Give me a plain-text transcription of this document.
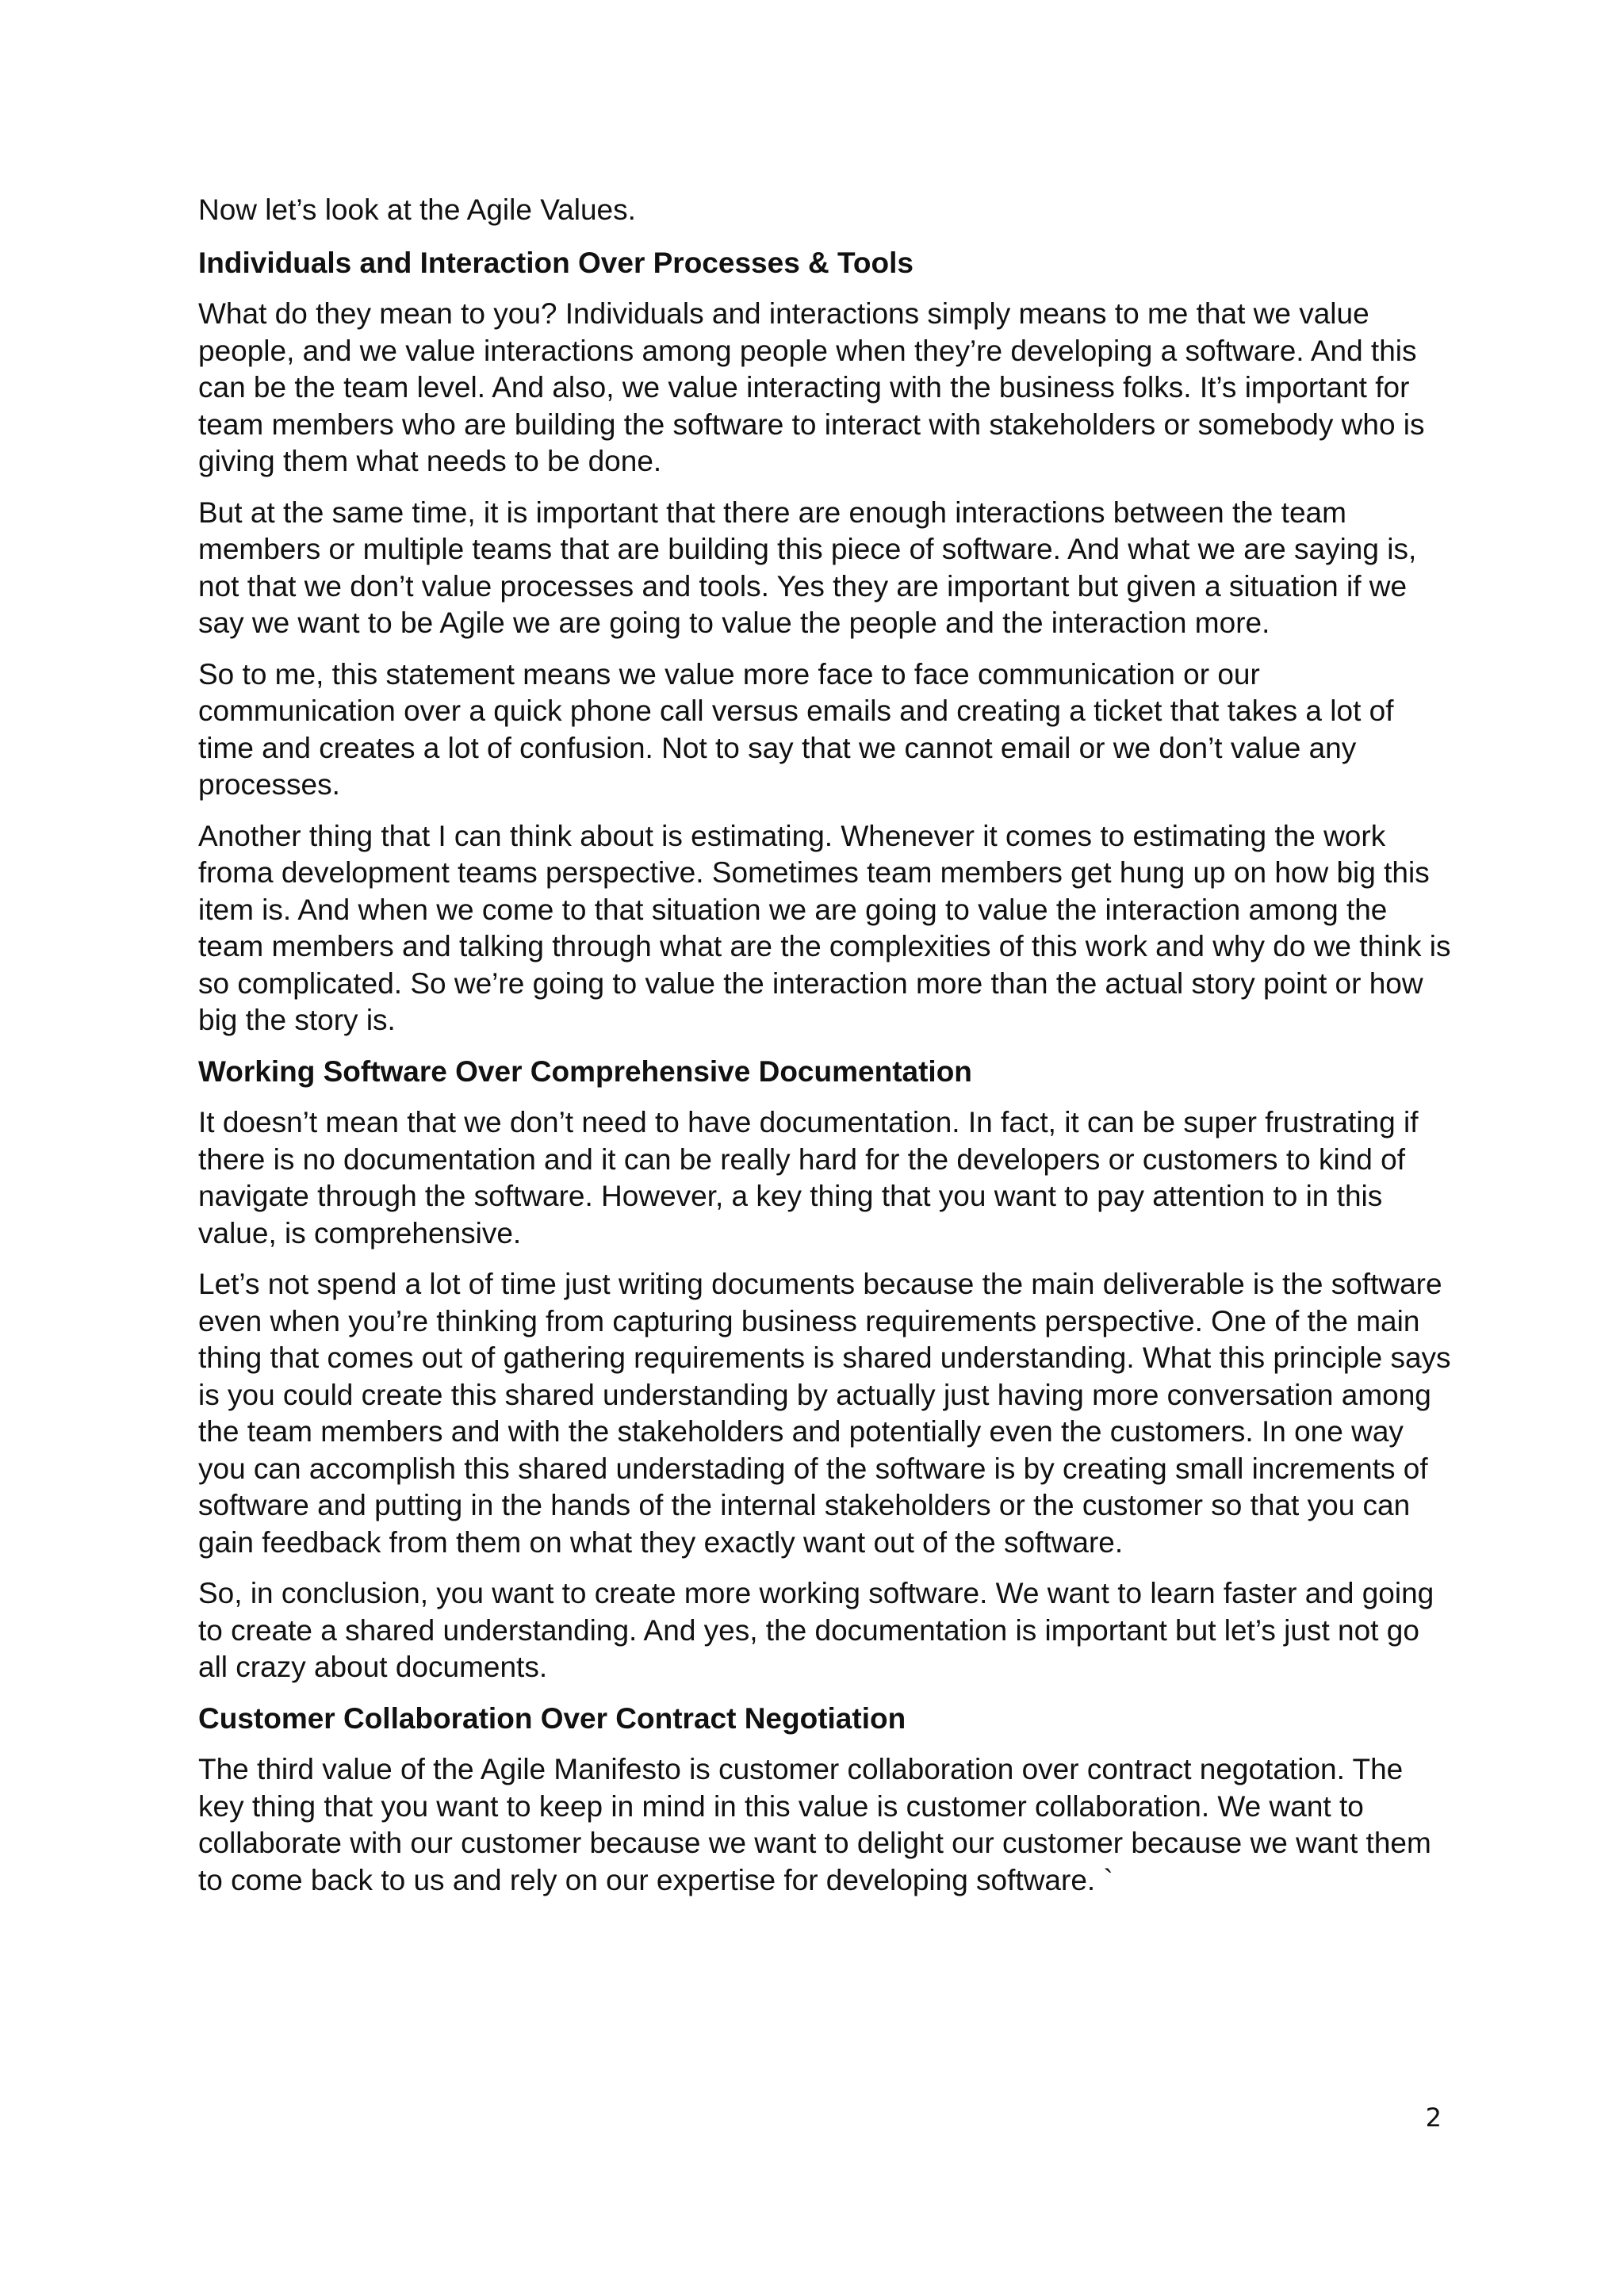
Now let’s look at the Agile Values.

Individuals and Interaction Over Processes & Tools

What do they mean to you? Individuals and interactions simply means to me that we value people, and we value interactions among people when they’re developing a software. And this can be the team level. And also, we value interacting with the business folks. It’s important for team members who are building the software to interact with stakeholders or somebody who is giving them what needs to be done.

But at the same time, it is important that there are enough interactions between the team members or multiple teams that are building this piece of software. And what we are saying is, not that we don’t value processes and tools. Yes they are important but given a situation if we say we want to be Agile we are going to value the people and the interaction more.

So to me, this statement means we value more face to face communication or our communication over a quick phone call versus emails and creating a ticket that takes a lot of time and creates a lot of confusion. Not to say that we cannot email or we don’t value any processes.

Another thing that I can think about is estimating. Whenever it comes to estimating the work froma development teams perspective. Sometimes team members get hung up on how big this item is. And when we come to that situation we are going to value the interaction among the team members and talking through what are the complexities of this work and why do we think is so complicated. So we’re going to value the interaction more than the actual story point or how big the story is.

Working Software Over Comprehensive Documentation

It doesn’t mean that we don’t need to have documentation. In fact, it can be super frustrating if there is no documentation and it can be really hard for the developers or customers to kind of navigate through the software. However, a key thing that you want to pay attention to in this value, is comprehensive.

Let’s not spend a lot of time just writing documents because the main deliverable is the software even when you’re thinking from capturing business requirements perspective. One of the main thing that comes out of gathering requirements is shared understanding. What this principle says is you could create this shared understanding by actually just having more conversation among the team members and with the stakeholders and potentially even the customers. In one way you can accomplish this shared understading of the software is by creating small increments of software and putting in the hands of the internal stakeholders or the customer so that you can gain feedback from them on what they exactly want out of the software.

So, in conclusion, you want to create more working software. We want to learn faster and going to create a shared understanding. And yes, the documentation is important but let’s just not go all crazy about documents.

Customer Collaboration Over Contract Negotiation

The third value of the Agile Manifesto is customer collaboration over contract negotation. The key thing that you want to keep in mind in this value is customer collaboration. We want to collaborate with our customer because we want to delight our customer because we want them to come back to us and rely on our expertise for developing software. `

2
